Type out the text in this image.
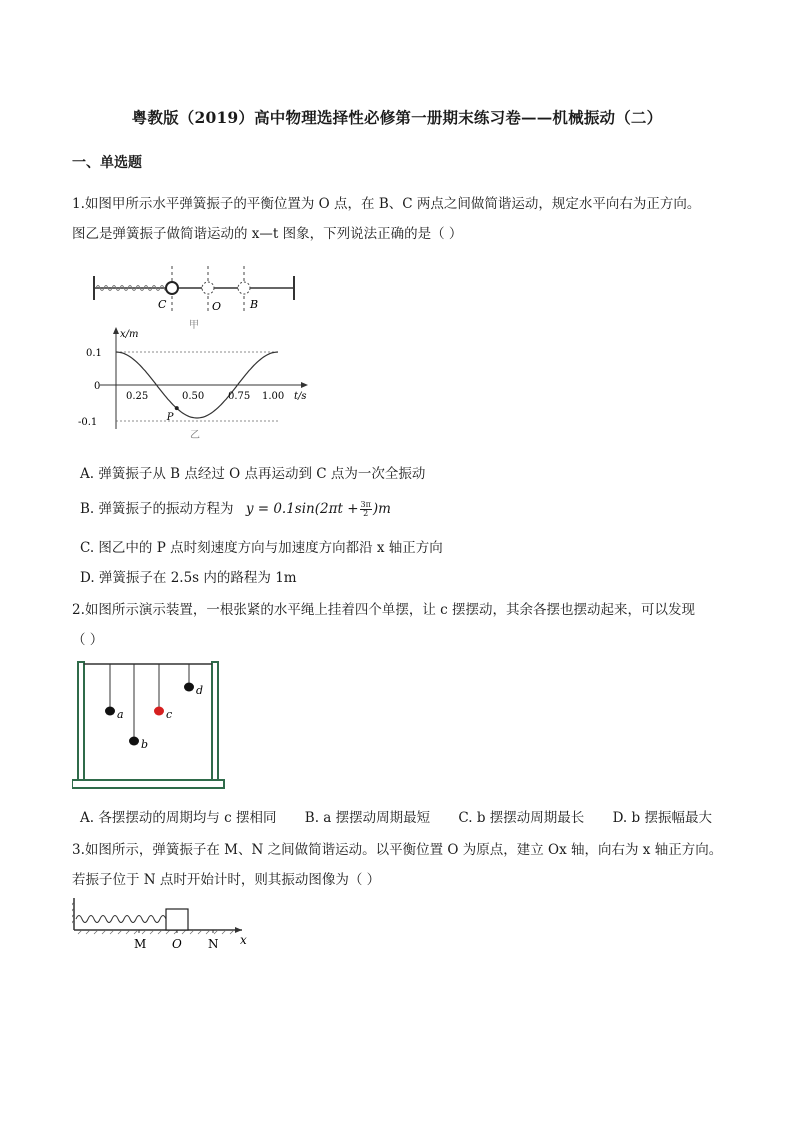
粤教版（2019）高中物理选择性必修第一册期末练习卷——机械振动（二）
一、单选题
1.如图甲所示水平弹簧振子的平衡位置为 O 点，在 B、C 两点之间做简谐运动，规定水平向右为正方向。
图乙是弹簧振子做简谐运动的 x—t 图象，下列说法正确的是（ ）
C	O	B
甲
x/m
t/s
0.1
0
-0.1
0.25	0.50 0.75 1.00
P
乙
A. 弹簧振子从 B 点经过 O 点再运动到 C 点为一次全振动
B. 弹簧振子的振动方程为 $y = 0.1\sin(2\pi t + \frac{3\pi}{2} )m$
C. 图乙中的 P 点时刻速度方向与加速度方向都沿 x 轴正方向
D. 弹簧振子在 2.5s 内的路程为 1m
2.如图所示演示装置，一根张紧的水平绳上挂着四个单摆，让 c 摆摆动，其余各摆也摆动起来，可以发现
（ ）
a
b
c
d
A. 各摆摆动的周期均与 c 摆相同 B. a 摆摆动周期最短 C. b 摆摆动周期最长 D. b 摆振幅最大
3.如图所示，弹簧振子在 M、N 之间做简谐运动。以平衡位置 O 为原点，建立 Ox 轴，向右为 x 轴正方向。
若振子位于 N 点时开始计时，则其振动图像为（ ）
M O N x
